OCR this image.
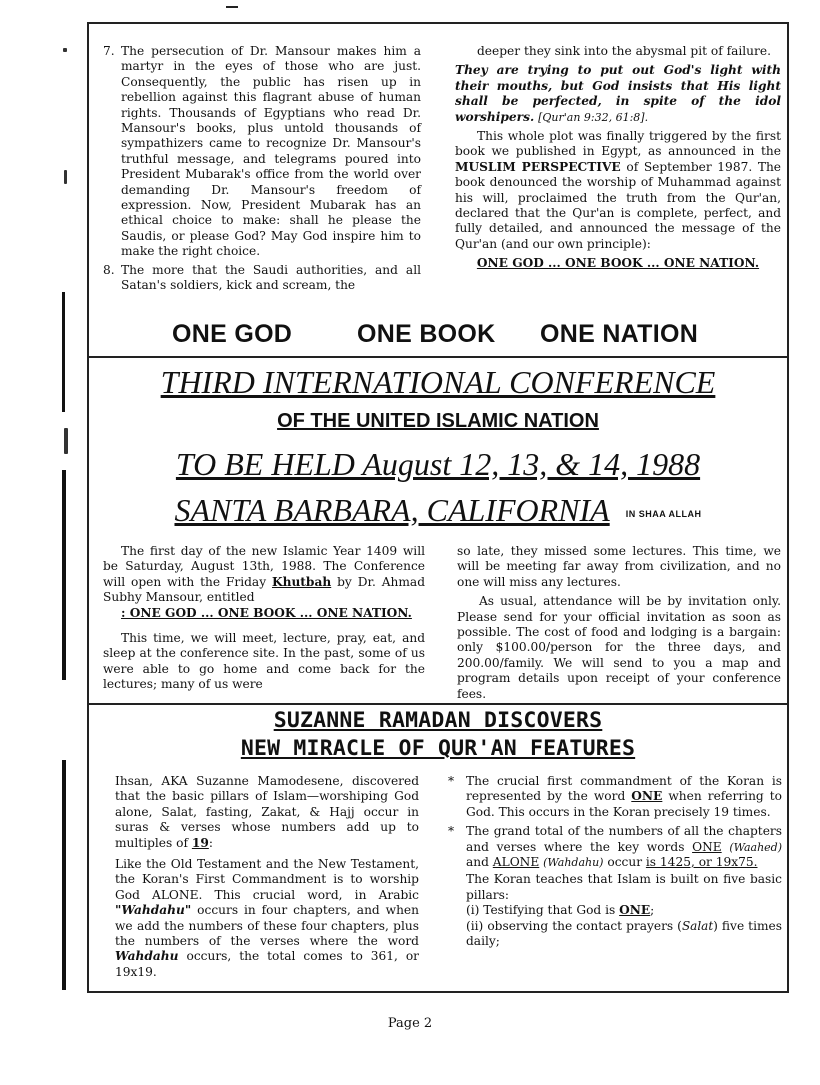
7. The persecution of Dr. Mansour makes him a martyr in the eyes of those who are just. Consequently, the public has risen up in rebellion against this flagrant abuse of human rights. Thousands of Egyptians who read Dr. Mansour's books, plus untold thousands of sympathizers came to recognize Dr. Mansour's truthful message, and telegrams poured into President Mubarak's office from the world over demanding Dr. Mansour's freedom of expression. Now, President Mubarak has an ethical choice to make: shall he please the Saudis, or please God? May God inspire him to make the right choice.
8. The more that the Saudi authorities, and all Satan's soldiers, kick and scream, the

deeper they sink into the abysmal pit of failure.

They are trying to put out God's light with their mouths, but God insists that His light shall be perfected, in spite of the idol worshipers. [Qur'an 9:32, 61:8].

This whole plot was finally triggered by the first book we published in Egypt, as announced in the MUSLIM PERSPECTIVE of September 1987. The book denounced the worship of Muhammad against his will, proclaimed the truth from the Qur'an, declared that the Qur'an is complete, perfect, and fully detailed, and announced the message of the Qur'an (and our own principle):

ONE GOD ... ONE BOOK ... ONE NATION.

ONE GOD	ONE BOOK ONE NATION
THIRD INTERNATIONAL CONFERENCE
OF THE UNITED ISLAMIC NATION
TO BE HELD August 12, 13, & 14, 1988
SANTA BARBARA, CALIFORNIA IN SHAA ALLAH

The first day of the new Islamic Year 1409 will be Saturday, August 13th, 1988. The Conference will open with the Friday Khutbah by Dr. Ahmad Subhy Mansour, entitled
: ONE GOD ... ONE BOOK ... ONE NATION.

This time, we will meet, lecture, pray, eat, and sleep at the conference site. In the past, some of us were able to go home and come back for the lectures; many of us were

so late, they missed some lectures. This time, we will be meeting far away from civilization, and no one will miss any lectures.

As usual, attendance will be by invitation only. Please send for your official invitation as soon as possible. The cost of food and lodging is a bargain: only $100.00/person for the three days, and 200.00/family. We will send to you a map and program details upon receipt of your conference fees.

SUZANNE RAMADAN DISCOVERS
NEW MIRACLE OF QUR'AN FEATURES

Ihsan, AKA Suzanne Mamodesene, discovered that the basic pillars of Islam—worshiping God alone, Salat, fasting, Zakat, & Hajj occur in suras & verses whose numbers add up to multiples of 19:

Like the Old Testament and the New Testament, the Koran's First Commandment is to worship God ALONE. This crucial word, in Arabic "Wahdahu" occurs in four chapters, and when we add the numbers of these four chapters, plus the numbers of the verses where the word Wahdahu occurs, the total comes to 361, or 19x19.

* The crucial first commandment of the Koran is represented by the word ONE when referring to God. This occurs in the Koran precisely 19 times.
* The grand total of the numbers of all the chapters and verses where the key words ONE (Waahed) and ALONE (Wahdahu) occur is 1425, or 19x75.
The Koran teaches that Islam is built on five basic pillars:
(i) Testifying that God is ONE;
(ii) observing the contact prayers (Salat) five times daily;
Page 2
